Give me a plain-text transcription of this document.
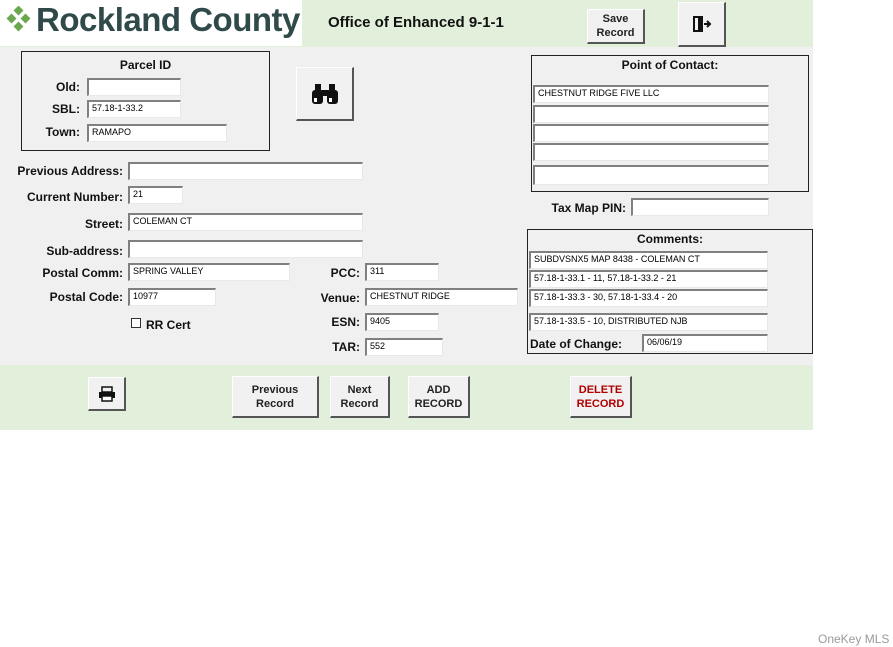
Rockland County Office of Enhanced 9-1-1	Save
Record
Parcel ID
Old:
SBL:	57.18-1-33.2
Town:	RAMAPO
Point of Contact:
CHESTNUT RIDGE FIVE LLC
Tax Map PIN:
Previous Address:
Current Number:	21
Street:	COLEMAN CT
Sub-address:
Postal Comm:	SPRING VALLEY
Postal Code:	10977
RR Cert
PCC:	311
Venue:	CHESTNUT RIDGE
ESN:	9405
TAR:	552
Comments:
SUBDVSNX5 MAP 8438 - COLEMAN CT
57.18-1-33.1 - 11, 57.18-1-33.2 - 21
57.18-1-33.3 - 30, 57.18-1-33.4 - 20
57.18-1-33.5 - 10, DISTRIBUTED NJB
Date of Change:	06/06/19
Previous
Record
Next
Record
ADD
RECORD
DELETE
RECORD
OneKey MLS
